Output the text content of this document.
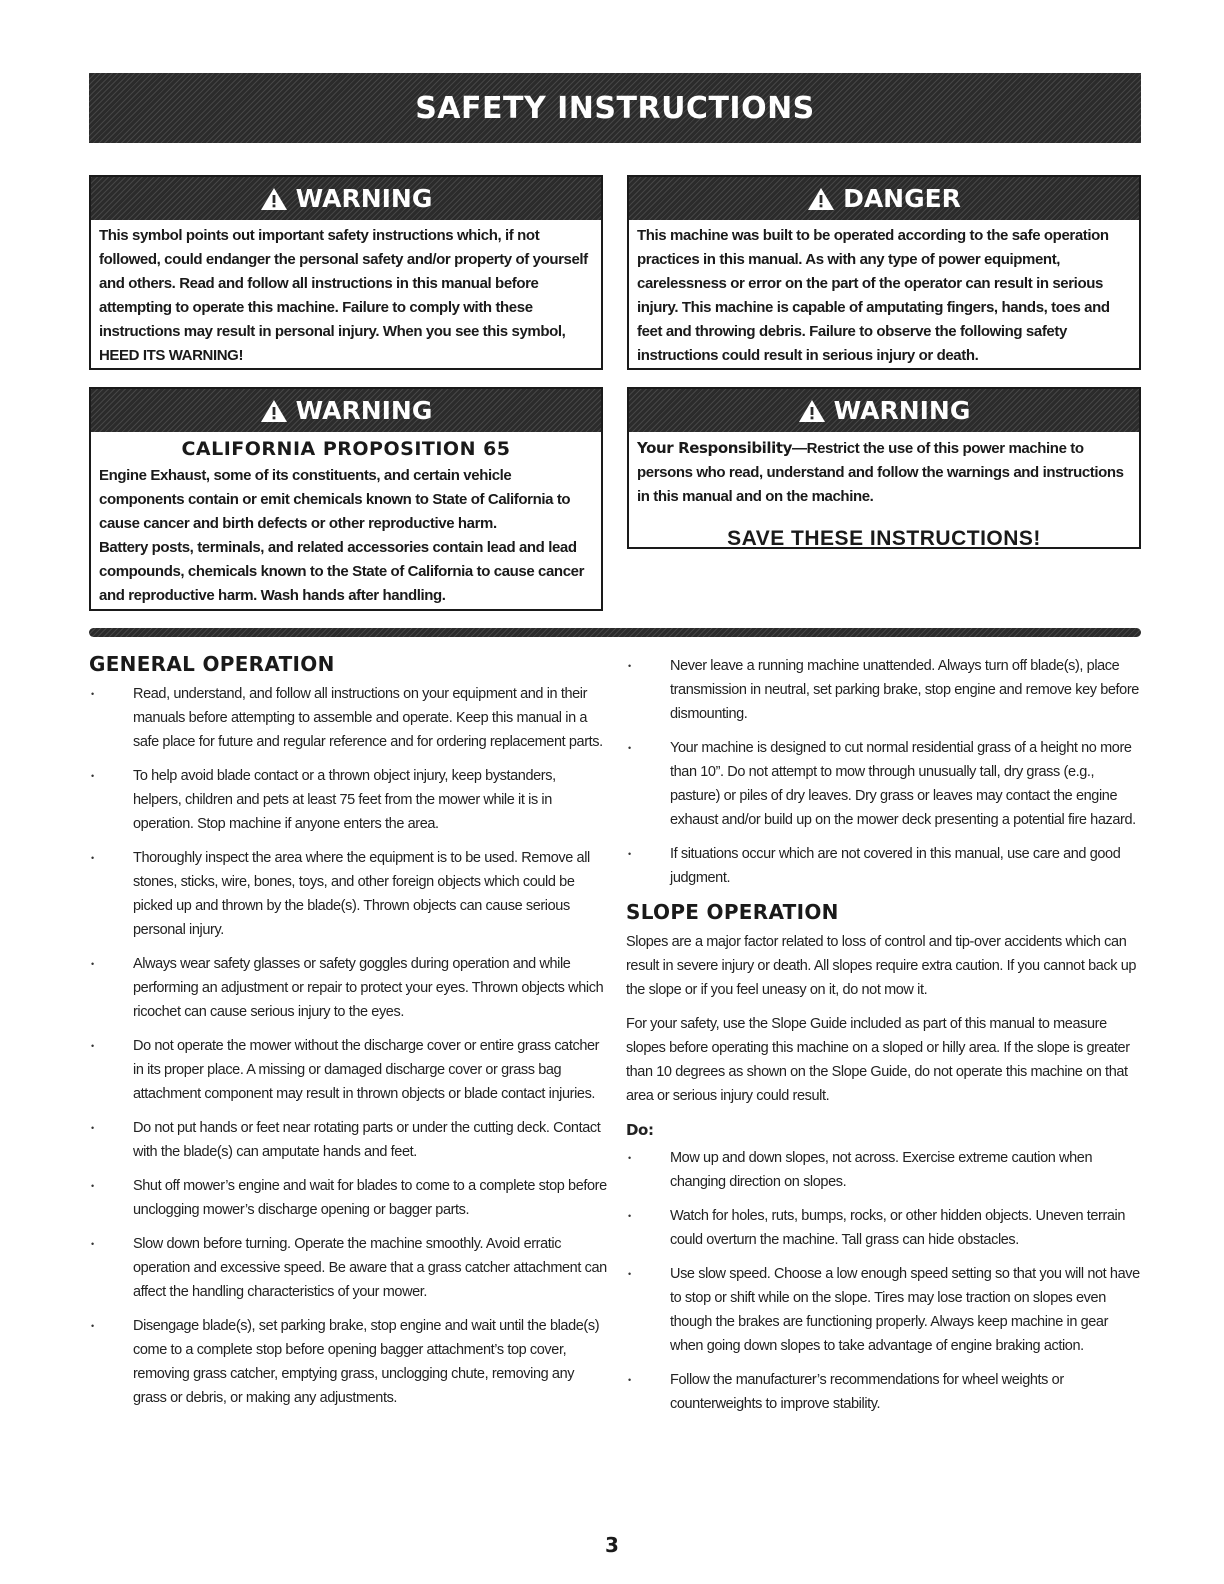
SAFETY INSTRUCTIONS
WARNING
This symbol points out important safety instructions which, if not followed, could endanger the personal safety and/or property of yourself and others. Read and follow all instructions in this manual before attempting to operate this machine. Failure to comply with these instructions may result in personal injury. When you see this symbol, HEED ITS WARNING!
DANGER
This machine was built to be operated according to the safe operation practices in this manual. As with any type of power equipment, carelessness or error on the part of the operator can result in serious injury. This machine is capable of amputating fingers, hands, toes and feet and throwing debris. Failure to observe the following safety instructions could result in serious injury or death.
WARNING
CALIFORNIA PROPOSITION 65
Engine Exhaust, some of its constituents, and certain vehicle components contain or emit chemicals known to State of California to cause cancer and birth defects or other reproductive harm.
Battery posts, terminals, and related accessories contain lead and lead compounds, chemicals known to the State of California to cause cancer and reproductive harm. Wash hands after handling.
WARNING
Your Responsibility—Restrict the use of this power machine to persons who read, understand and follow the warnings and instructions in this manual and on the machine.
SAVE THESE INSTRUCTIONS!
GENERAL OPERATION
• Read, understand, and follow all instructions on your equipment and in their manuals before attempting to assemble and operate. Keep this manual in a safe place for future and regular reference and for ordering replacement parts.
• To help avoid blade contact or a thrown object injury, keep bystanders, helpers, children and pets at least 75 feet from the mower while it is in operation. Stop machine if anyone enters the area.
• Thoroughly inspect the area where the equipment is to be used. Remove all stones, sticks, wire, bones, toys, and other foreign objects which could be picked up and thrown by the blade(s). Thrown objects can cause serious personal injury.
• Always wear safety glasses or safety goggles during operation and while performing an adjustment or repair to protect your eyes. Thrown objects which ricochet can cause serious injury to the eyes.
• Do not operate the mower without the discharge cover or entire grass catcher in its proper place. A missing or damaged discharge cover or grass bag attachment component may result in thrown objects or blade contact injuries.
• Do not put hands or feet near rotating parts or under the cutting deck. Contact with the blade(s) can amputate hands and feet.
• Shut off mower’s engine and wait for blades to come to a complete stop before unclogging mower’s discharge opening or bagger parts.
• Slow down before turning. Operate the machine smoothly. Avoid erratic operation and excessive speed. Be aware that a grass catcher attachment can affect the handling characteristics of your mower.
• Disengage blade(s), set parking brake, stop engine and wait until the blade(s) come to a complete stop before opening bagger attachment’s top cover, removing grass catcher, emptying grass, unclogging chute, removing any grass or debris, or making any adjustments.
• Never leave a running machine unattended. Always turn off blade(s), place transmission in neutral, set parking brake, stop engine and remove key before dismounting.
• Your machine is designed to cut normal residential grass of a height no more than 10”. Do not attempt to mow through unusually tall, dry grass (e.g., pasture) or piles of dry leaves. Dry grass or leaves may contact the engine exhaust and/or build up on the mower deck presenting a potential fire hazard.
• If situations occur which are not covered in this manual, use care and good judgment.
SLOPE OPERATION

Slopes are a major factor related to loss of control and tip-over accidents which can result in severe injury or death. All slopes require extra caution. If you cannot back up the slope or if you feel uneasy on it, do not mow it.

For your safety, use the Slope Guide included as part of this manual to measure slopes before operating this machine on a sloped or hilly area. If the slope is greater than 10 degrees as shown on the Slope Guide, do not operate this machine on that area or serious injury could result.

Do:
• Mow up and down slopes, not across. Exercise extreme caution when changing direction on slopes.
• Watch for holes, ruts, bumps, rocks, or other hidden objects. Uneven terrain could overturn the machine. Tall grass can hide obstacles.
• Use slow speed. Choose a low enough speed setting so that you will not have to stop or shift while on the slope. Tires may lose traction on slopes even though the brakes are functioning properly. Always keep machine in gear when going down slopes to take advantage of engine braking action.
• Follow the manufacturer’s recommendations for wheel weights or counterweights to improve stability.
3
